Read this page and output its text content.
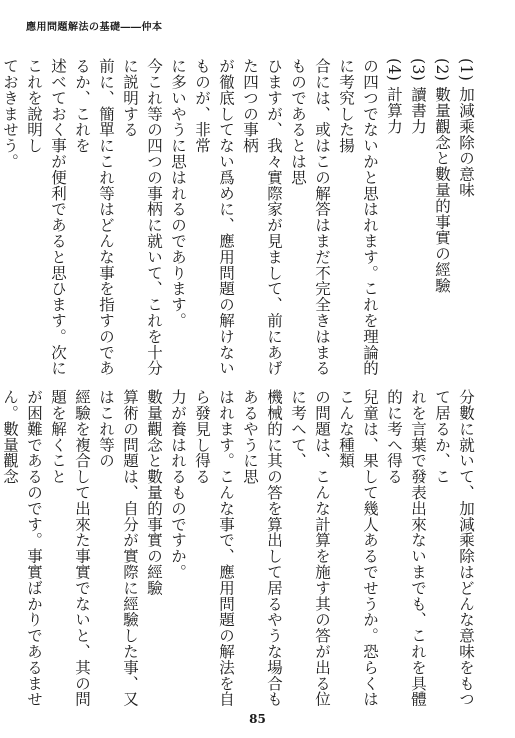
應用問題解法の基礎――仲本

(1) 加減乘除の意味

(2) 數量觀念と數量的事實の經驗

(3) 讀書力

(4) 計算力

の四つでないかと思はれます。これを理論的に考究した揚

合には、或はこの解答はまだ不完全きはまるものであるとは思

ひますが、我々實際家が見まして、前にあげた四つの事柄

が徹底してない爲めに、應用問題の解けないものが、非常

に多いやうに思はれるのであります。

今これ等の四つの事柄に就いて、これを十分に説明する

前に、簡單にこれ等はどんな事を指すのであるか、これを

述べておく事が便利であると思ひます。次にこれを說明し

ておきませう。

分數に就いて、加減乘除はどんな意味をもつて居るか、こ

れを言葉で發表出來ないまでも、これを具體的に考へ得る

兒童は、果して幾人あるでせうか。恐らくはこんな種類

の問題は、こんな計算を施す其の答が出る位に考へて、

機械的に其の答を算出して居るやうな場合もあるやうに思

はれます。こんな事で、應用問題の解法を自ら發見し得る

力が養はれるものですか。

數量觀念と數量的事實の經驗

算術の問題は、自分が實際に經驗した事、又はこれ等の

經驗を複合して出來た事實でないと、其の問題を解くこと

が困難であるのです。事實ばかりであるません。數量觀念

85
